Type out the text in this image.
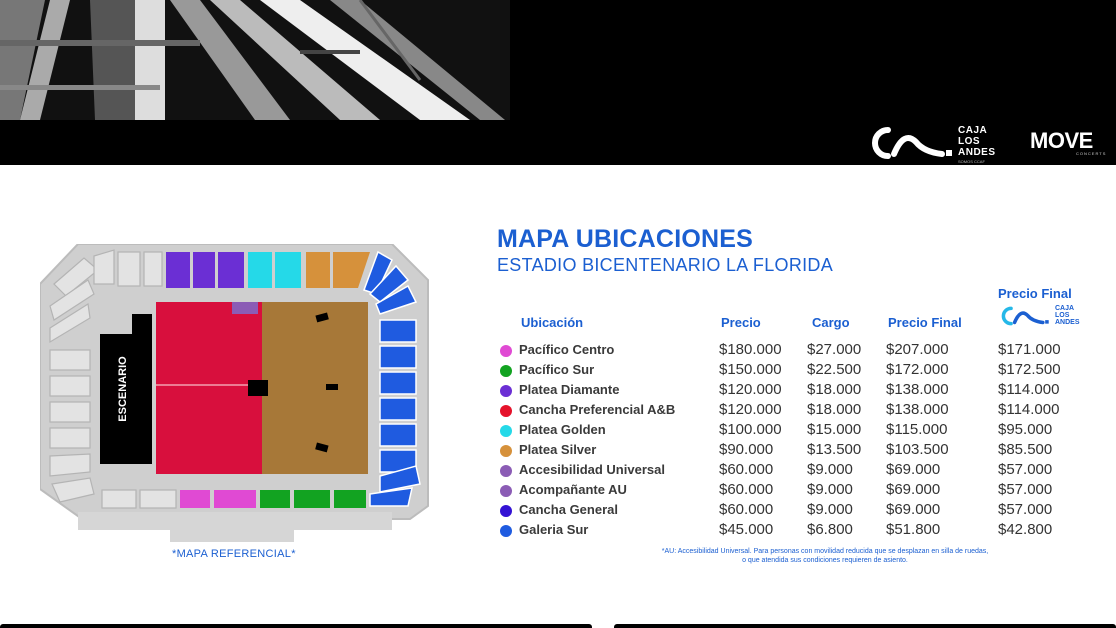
CAJA
LOS
ANDES
SOMOS CCAF
MOVE
CONCERTS
ESCENARIO
*MAPA REFERENCIAL*
MAPA UBICACIONES
ESTADIO BICENTENARIO LA FLORIDA
Ubicación	Precio	Cargo	Precio Final
Precio Final
CAJA
LOS
ANDES
Pacífico Centro	$180.000 $27.000 $207.000	$171.000
Pacífico Sur	$150.000 $22.500 $172.000	$172.500
Platea Diamante	$120.000 $18.000 $138.000	$114.000
Cancha Preferencial A&B	$120.000 $18.000 $138.000	$114.000
Platea Golden	$100.000 $15.000 $115.000	$95.000
Platea Silver	$90.000 $13.500 $103.500	$85.500
Accesibilidad Universal	$60.000 $9.000 $69.000	$57.000
Acompañante AU	$60.000 $9.000 $69.000	$57.000
Cancha General	$60.000 $9.000 $69.000	$57.000
Galeria Sur	$45.000 $6.800 $51.800	$42.800
*AU: Accesibilidad Universal. Para personas con movilidad reducida que se desplazan en silla de ruedas,
o que atendida sus condiciones requieren de asiento.
